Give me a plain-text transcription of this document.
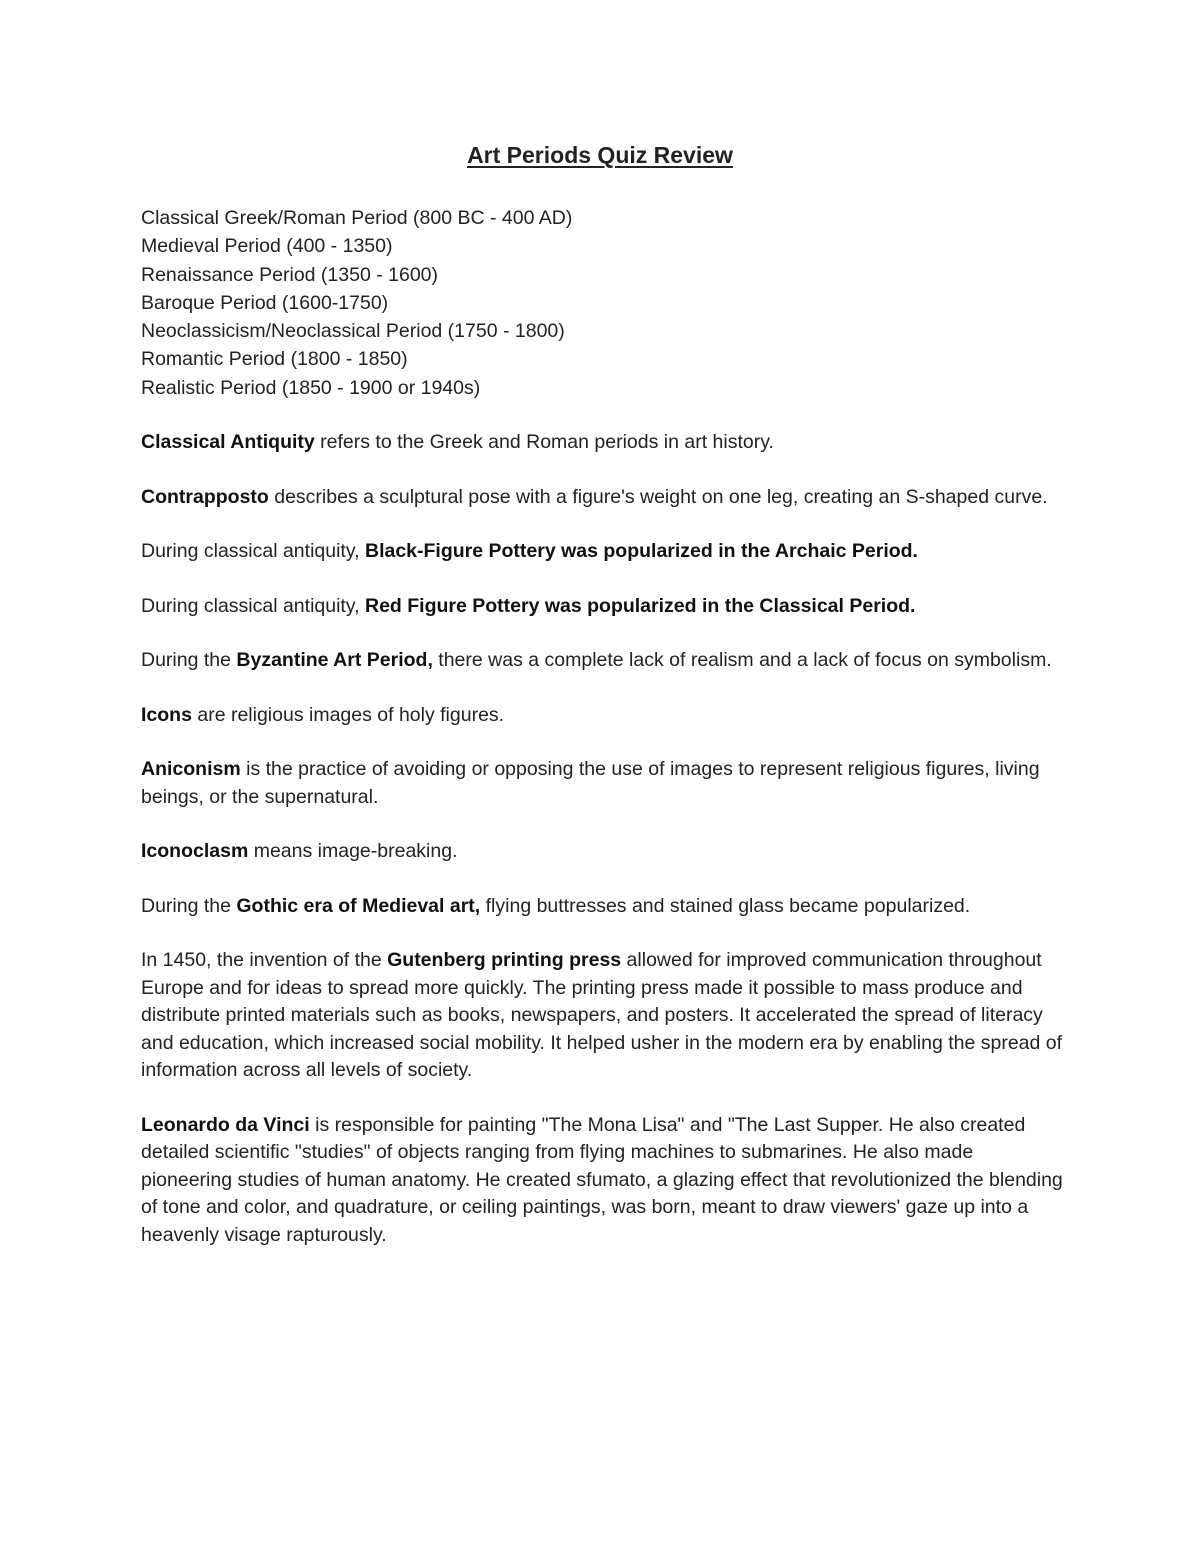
Art Periods Quiz Review
Classical Greek/Roman Period (800 BC - 400 AD)
Medieval Period (400 - 1350)
Renaissance Period (1350 - 1600)
Baroque Period (1600-1750)
Neoclassicism/Neoclassical Period (1750 - 1800)
Romantic Period (1800 - 1850)
Realistic Period (1850 - 1900 or 1940s)

Classical Antiquity refers to the Greek and Roman periods in art history.

Contrapposto describes a sculptural pose with a figure's weight on one leg, creating an S-shaped curve.

During classical antiquity, Black-Figure Pottery was popularized in the Archaic Period.

During classical antiquity, Red Figure Pottery was popularized in the Classical Period.

During the Byzantine Art Period, there was a complete lack of realism and a lack of focus on symbolism.

Icons are religious images of holy figures.

Aniconism is the practice of avoiding or opposing the use of images to represent religious figures, living beings, or the supernatural.

Iconoclasm means image-breaking.

During the Gothic era of Medieval art, flying buttresses and stained glass became popularized.

In 1450, the invention of the Gutenberg printing press allowed for improved communication throughout Europe and for ideas to spread more quickly. The printing press made it possible to mass produce and distribute printed materials such as books, newspapers, and posters. It accelerated the spread of literacy and education, which increased social mobility. It helped usher in the modern era by enabling the spread of information across all levels of society.

Leonardo da Vinci is responsible for painting "The Mona Lisa" and "The Last Supper. He also created detailed scientific "studies" of objects ranging from flying machines to submarines. He also made pioneering studies of human anatomy. He created sfumato, a glazing effect that revolutionized the blending of tone and color, and quadrature, or ceiling paintings, was born, meant to draw viewers' gaze up into a heavenly visage rapturously.
